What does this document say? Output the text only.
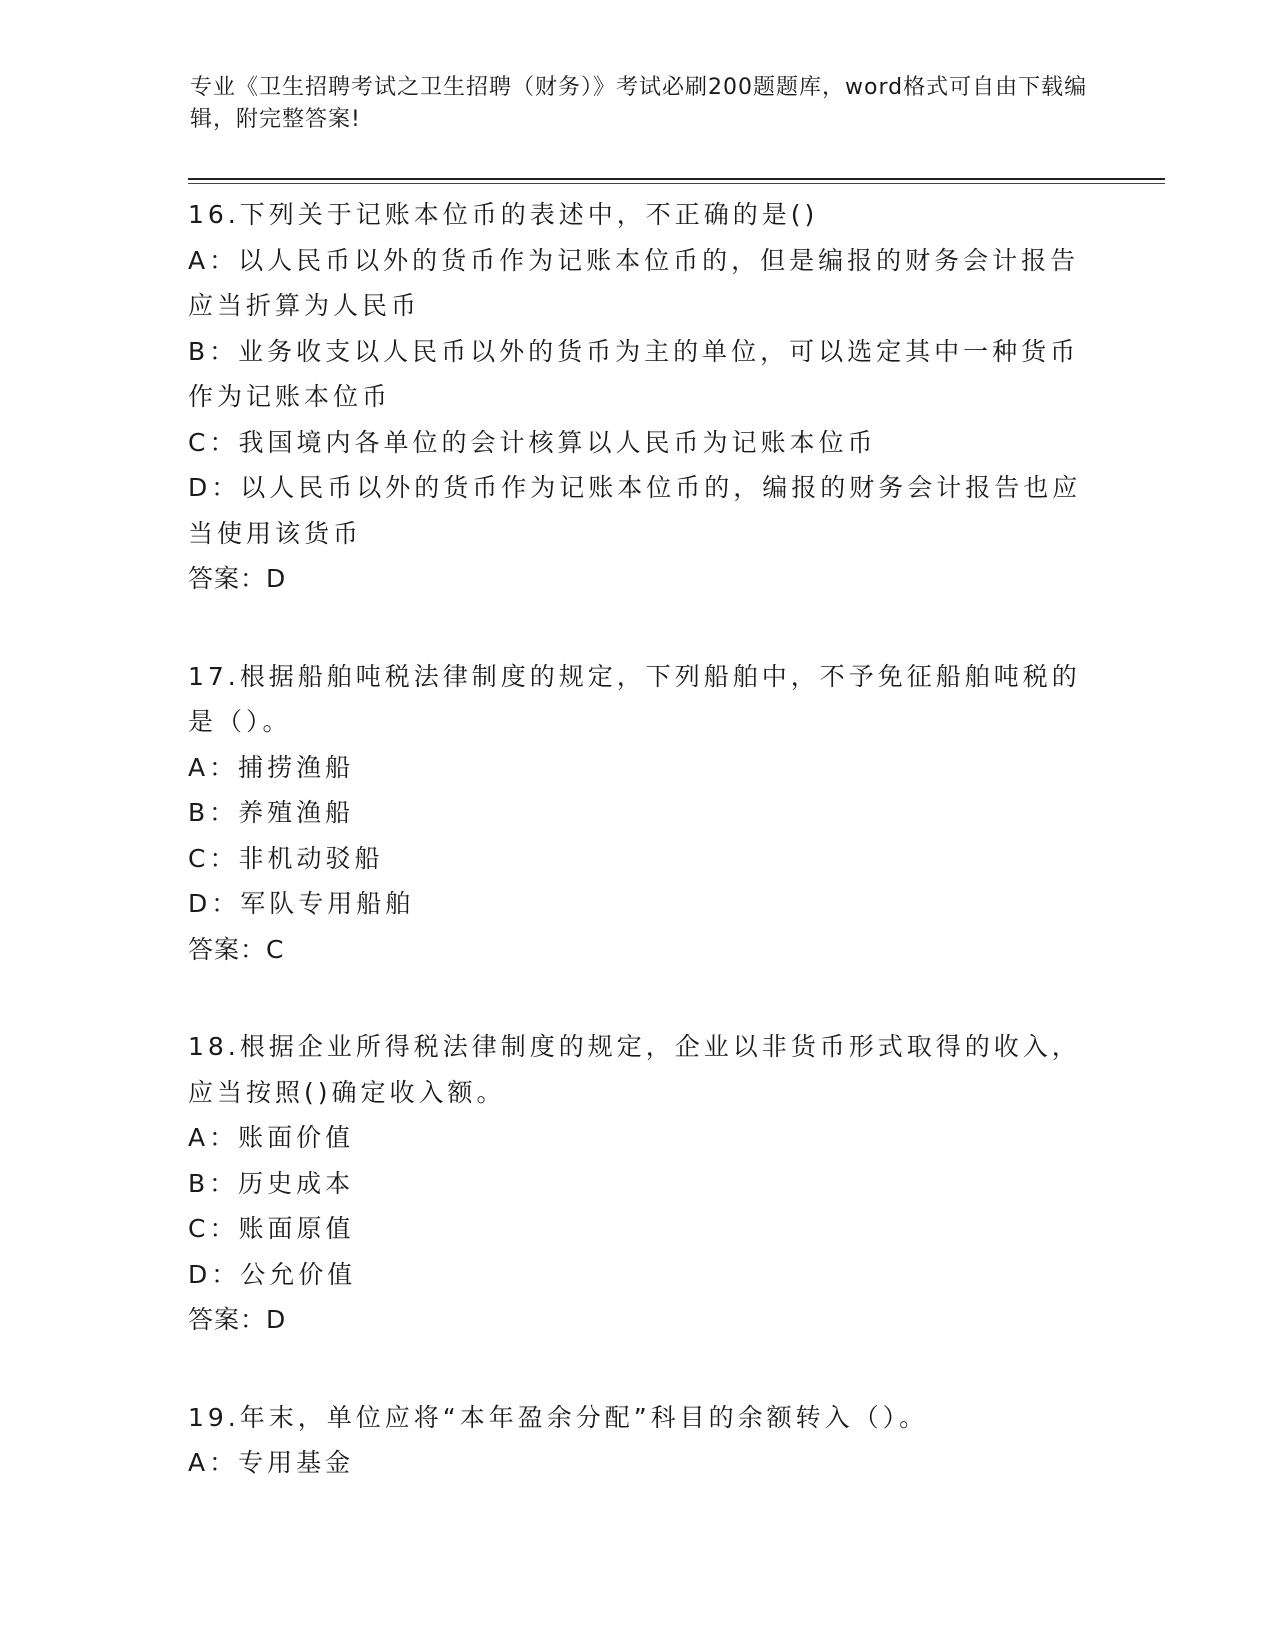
专业《卫生招聘考试之卫生招聘（财务）》考试必刷200题题库，word格式可自由下载编辑，附完整答案!
16.下列关于记账本位币的表述中，不正确的是()
A：以人民币以外的货币作为记账本位币的，但是编报的财务会计报告应当折算为人民币
B：业务收支以人民币以外的货币为主的单位，可以选定其中一种货币作为记账本位币
C：我国境内各单位的会计核算以人民币为记账本位币
D：以人民币以外的货币作为记账本位币的，编报的财务会计报告也应当使用该货币
答案：D
17.根据船舶吨税法律制度的规定，下列船舶中，不予免征船舶吨税的是（）。
A：捕捞渔船
B：养殖渔船
C：非机动驳船
D：军队专用船舶
答案：C
18.根据企业所得税法律制度的规定，企业以非货币形式取得的收入，应当按照()确定收入额。
A：账面价值
B：历史成本
C：账面原值
D：公允价值
答案：D
19.年末，单位应将“本年盈余分配”科目的余额转入（）。
A：专用基金
